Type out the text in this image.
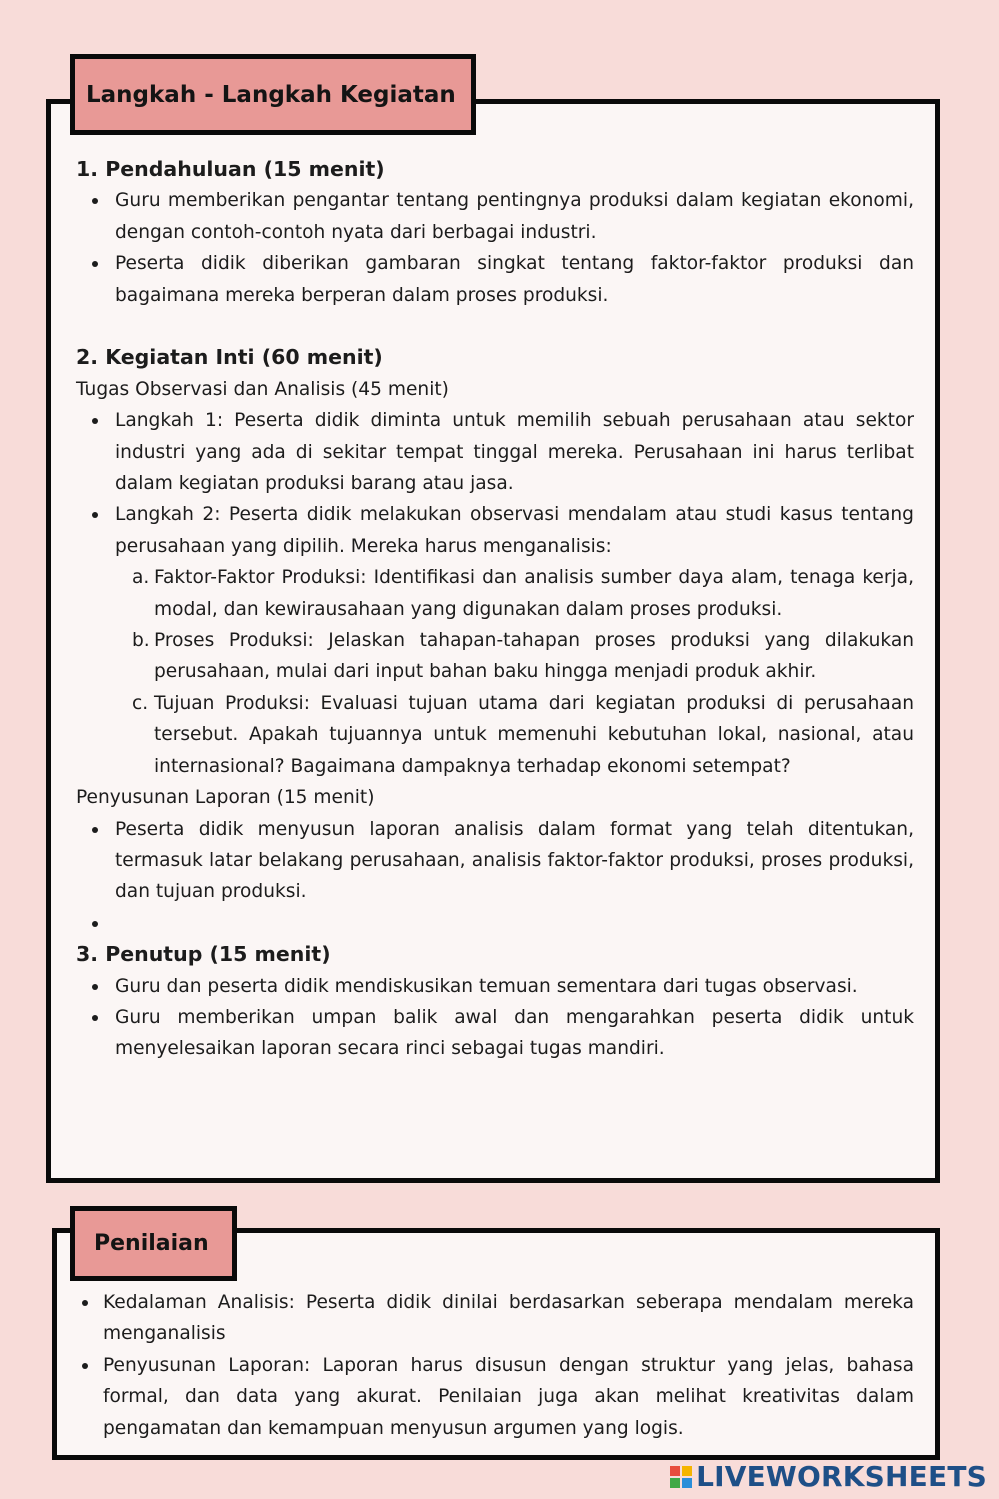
Langkah - Langkah Kegiatan
1. Pendahuluan (15 menit)
Guru memberikan pengantar tentang pentingnya produksi dalam kegiatan ekonomi, dengan contoh-contoh nyata dari berbagai industri.
Peserta didik diberikan gambaran singkat tentang faktor-faktor produksi dan bagaimana mereka berperan dalam proses produksi.
2. Kegiatan Inti (60 menit)
Tugas Observasi dan Analisis (45 menit)
Langkah 1: Peserta didik diminta untuk memilih sebuah perusahaan atau sektor industri yang ada di sekitar tempat tinggal mereka. Perusahaan ini harus terlibat dalam kegiatan produksi barang atau jasa.
Langkah 2: Peserta didik melakukan observasi mendalam atau studi kasus tentang perusahaan yang dipilih. Mereka harus menganalisis:
a. Faktor-Faktor Produksi: Identifikasi dan analisis sumber daya alam, tenaga kerja, modal, dan kewirausahaan yang digunakan dalam proses produksi.
b. Proses Produksi: Jelaskan tahapan-tahapan proses produksi yang dilakukan perusahaan, mulai dari input bahan baku hingga menjadi produk akhir.
c. Tujuan Produksi: Evaluasi tujuan utama dari kegiatan produksi di perusahaan tersebut. Apakah tujuannya untuk memenuhi kebutuhan lokal, nasional, atau internasional? Bagaimana dampaknya terhadap ekonomi setempat?
Penyusunan Laporan (15 menit)
Peserta didik menyusun laporan analisis dalam format yang telah ditentukan, termasuk latar belakang perusahaan, analisis faktor-faktor produksi, proses produksi, dan tujuan produksi.

3. Penutup (15 menit)
Guru dan peserta didik mendiskusikan temuan sementara dari tugas observasi.
Guru memberikan umpan balik awal dan mengarahkan peserta didik untuk menyelesaikan laporan secara rinci sebagai tugas mandiri.
Penilaian
Kedalaman Analisis: Peserta didik dinilai berdasarkan seberapa mendalam mereka menganalisis
Penyusunan Laporan: Laporan harus disusun dengan struktur yang jelas, bahasa formal, dan data yang akurat. Penilaian juga akan melihat kreativitas dalam pengamatan dan kemampuan menyusun argumen yang logis.
LIVEWORKSHEETS
